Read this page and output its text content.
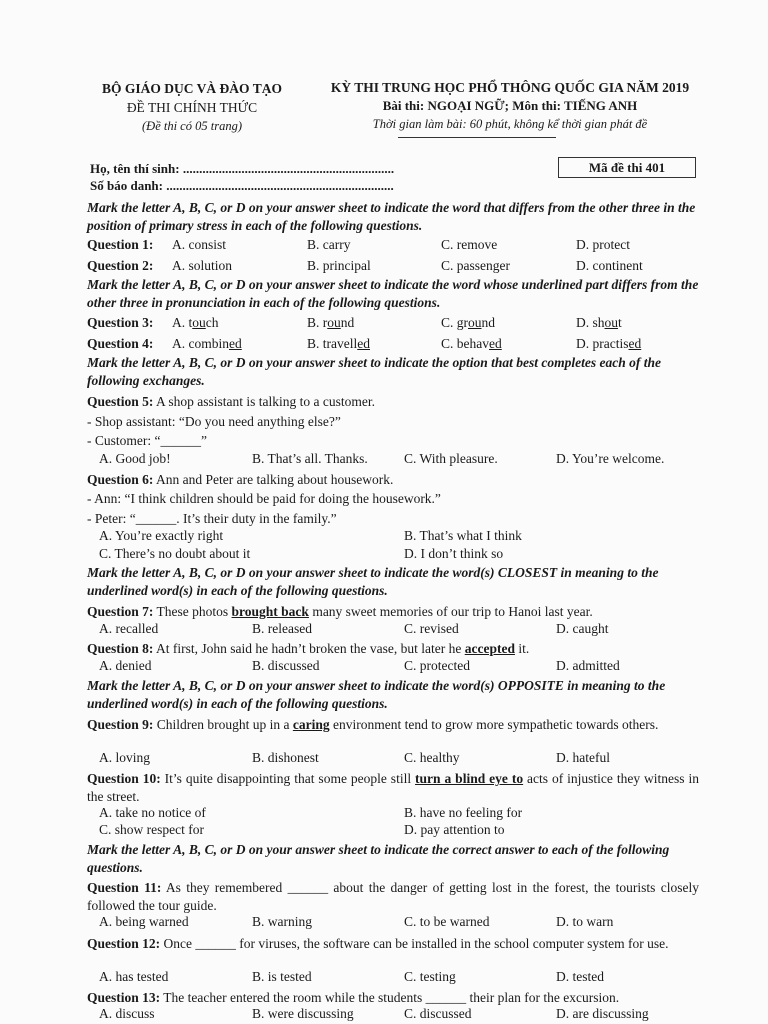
BỘ GIÁO DỤC VÀ ĐÀO TẠO
ĐỀ THI CHÍNH THỨC
(Đề thi có 05 trang)
KỲ THI TRUNG HỌC PHỔ THÔNG QUỐC GIA NĂM 2019
Bài thi: NGOẠI NGỮ; Môn thi: TIẾNG ANH
Thời gian làm bài: 60 phút, không kể thời gian phát đề
Họ, tên thí sinh: .................................................................
Số báo danh: ......................................................................
Mã đề thi 401
Mark the letter A, B, C, or D on your answer sheet to indicate the word that differs from the other three in the position of primary stress in each of the following questions.
Question 1: A. consist	B. carry	C. remove	D. protect
Question 2: A. solution	B. principal	C. passenger	D. continent
Mark the letter A, B, C, or D on your answer sheet to indicate the word whose underlined part differs from the other three in pronunciation in each of the following questions.
Question 3: A. touch	B. round	C. ground	D. shout
Question 4: A. combined	B. travelled	C. behaved	D. practised
Mark the letter A, B, C, or D on your answer sheet to indicate the option that best completes each of the following exchanges.
Question 5: A shop assistant is talking to a customer.
- Shop assistant: “Do you need anything else?”
- Customer: “______”
A. Good job!	B. That’s all. Thanks.	C. With pleasure.	D. You’re welcome.
Question 6: Ann and Peter are talking about housework.
- Ann: “I think children should be paid for doing the housework.”
- Peter: “______. It’s their duty in the family.”
A. You’re exactly right	B. That’s what I think
C. There’s no doubt about it	D. I don’t think so
Mark the letter A, B, C, or D on your answer sheet to indicate the word(s) CLOSEST in meaning to the underlined word(s) in each of the following questions.
Question 7: These photos brought back many sweet memories of our trip to Hanoi last year.
A. recalled	B. released	C. revised	D. caught
Question 8: At first, John said he hadn’t broken the vase, but later he accepted it.
A. denied	B. discussed	C. protected	D. admitted
Mark the letter A, B, C, or D on your answer sheet to indicate the word(s) OPPOSITE in meaning to the underlined word(s) in each of the following questions.
Question 9: Children brought up in a caring environment tend to grow more sympathetic towards others.
A. loving	B. dishonest	C. healthy	D. hateful
Question 10: It’s quite disappointing that some people still turn a blind eye to acts of injustice they witness in the street.
A. take no notice of	B. have no feeling for
C. show respect for	D. pay attention to
Mark the letter A, B, C, or D on your answer sheet to indicate the correct answer to each of the following questions.
Question 11: As they remembered ______ about the danger of getting lost in the forest, the tourists closely followed the tour guide.
A. being warned	B. warning	C. to be warned	D. to warn
Question 12: Once ______ for viruses, the software can be installed in the school computer system for use.
A. has tested	B. is tested	C. testing	D. tested
Question 13: The teacher entered the room while the students ______ their plan for the excursion.
A. discuss	B. were discussing	C. discussed	D. are discussing
